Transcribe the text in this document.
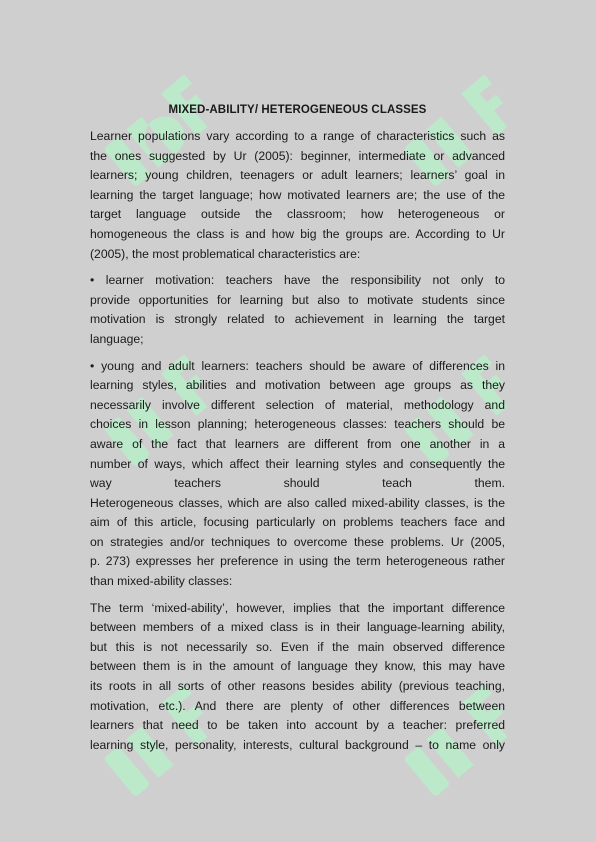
MIXED-ABILITY/ HETEROGENEOUS CLASSES
Learner populations vary according to a range of characteristics such as
the ones suggested by Ur (2005): beginner, intermediate or advanced
learners; young children, teenagers or adult learners; learners’ goal in
learning the target language; how motivated learners are; the use of the
target language outside the classroom; how heterogeneous or
homogeneous the class is and how big the groups are. According to Ur
(2005), the most problematical characteristics are:
• learner motivation: teachers have the responsibility not only to
provide opportunities for learning but also to motivate students since
motivation is strongly related to achievement in learning the target
language;
• young and adult learners: teachers should be aware of differences in
learning styles, abilities and motivation between age groups as they
necessarily involve different selection of material, methodology and
choices in lesson planning; heterogeneous classes: teachers should be
aware of the fact that learners are different from one another in a
number of ways, which affect their learning styles and consequently the
way teachers should teach them.
Heterogeneous classes, which are also called mixed-ability classes, is the
aim of this article, focusing particularly on problems teachers face and
on strategies and/or techniques to overcome these problems. Ur (2005,
p. 273) expresses her preference in using the term heterogeneous rather
than mixed-ability classes:
The term ‘mixed-ability’, however, implies that the important difference
between members of a mixed class is in their language-learning ability,
but this is not necessarily so. Even if the main observed difference
between them is in the amount of language they know, this may have
its roots in all sorts of other reasons besides ability (previous teaching,
motivation, etc.). And there are plenty of other differences between
learners that need to be taken into account by a teacher: preferred
learning style, personality, interests, cultural background – to name only
